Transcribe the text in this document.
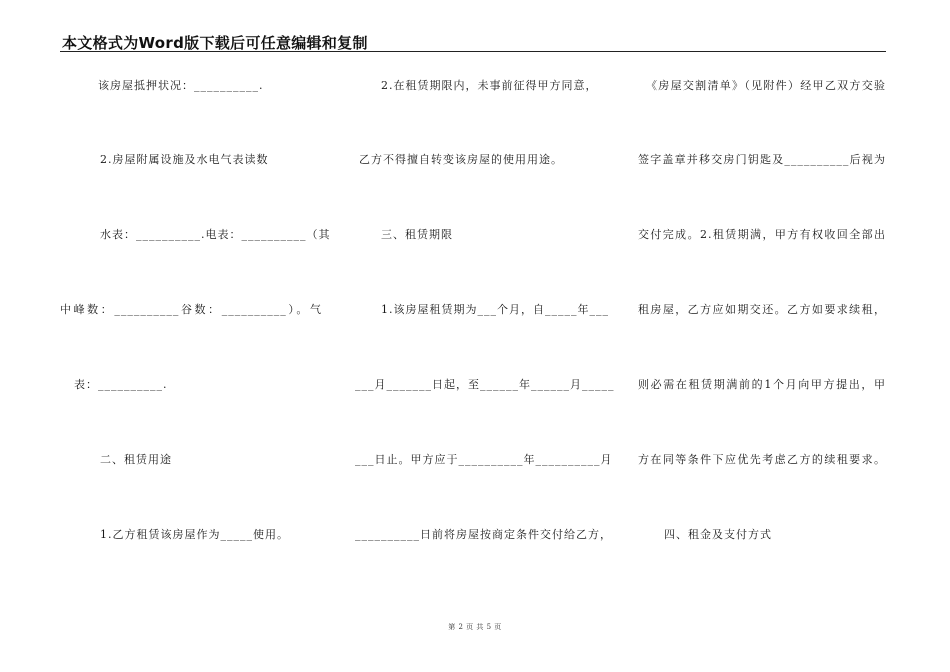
本文格式为Word版下载后可任意编辑和复制
该房屋抵押状况：__________.
2.房屋附属设施及水电气表读数
水表：__________.电表：__________（其
中峰数：__________谷数：__________）。气
表：__________.
二、租赁用途
1.乙方租赁该房屋作为_____使用。
2.在租赁期限内，未事前征得甲方同意，
乙方不得擅自转变该房屋的使用用途。
三、租赁期限
1.该房屋租赁期为___个月，自_____年___
___月_______日起，至______年______月_____
___日止。甲方应于__________年__________月
__________日前将房屋按商定条件交付给乙方，
《房屋交割清单》（见附件）经甲乙双方交验
签字盖章并移交房门钥匙及__________后视为
交付完成。2.租赁期满，甲方有权收回全部出
租房屋，乙方应如期交还。乙方如要求续租，
则必需在租赁期满前的1个月向甲方提出，甲
方在同等条件下应优先考虑乙方的续租要求。
四、租金及支付方式
第 2 页 共 5 页
